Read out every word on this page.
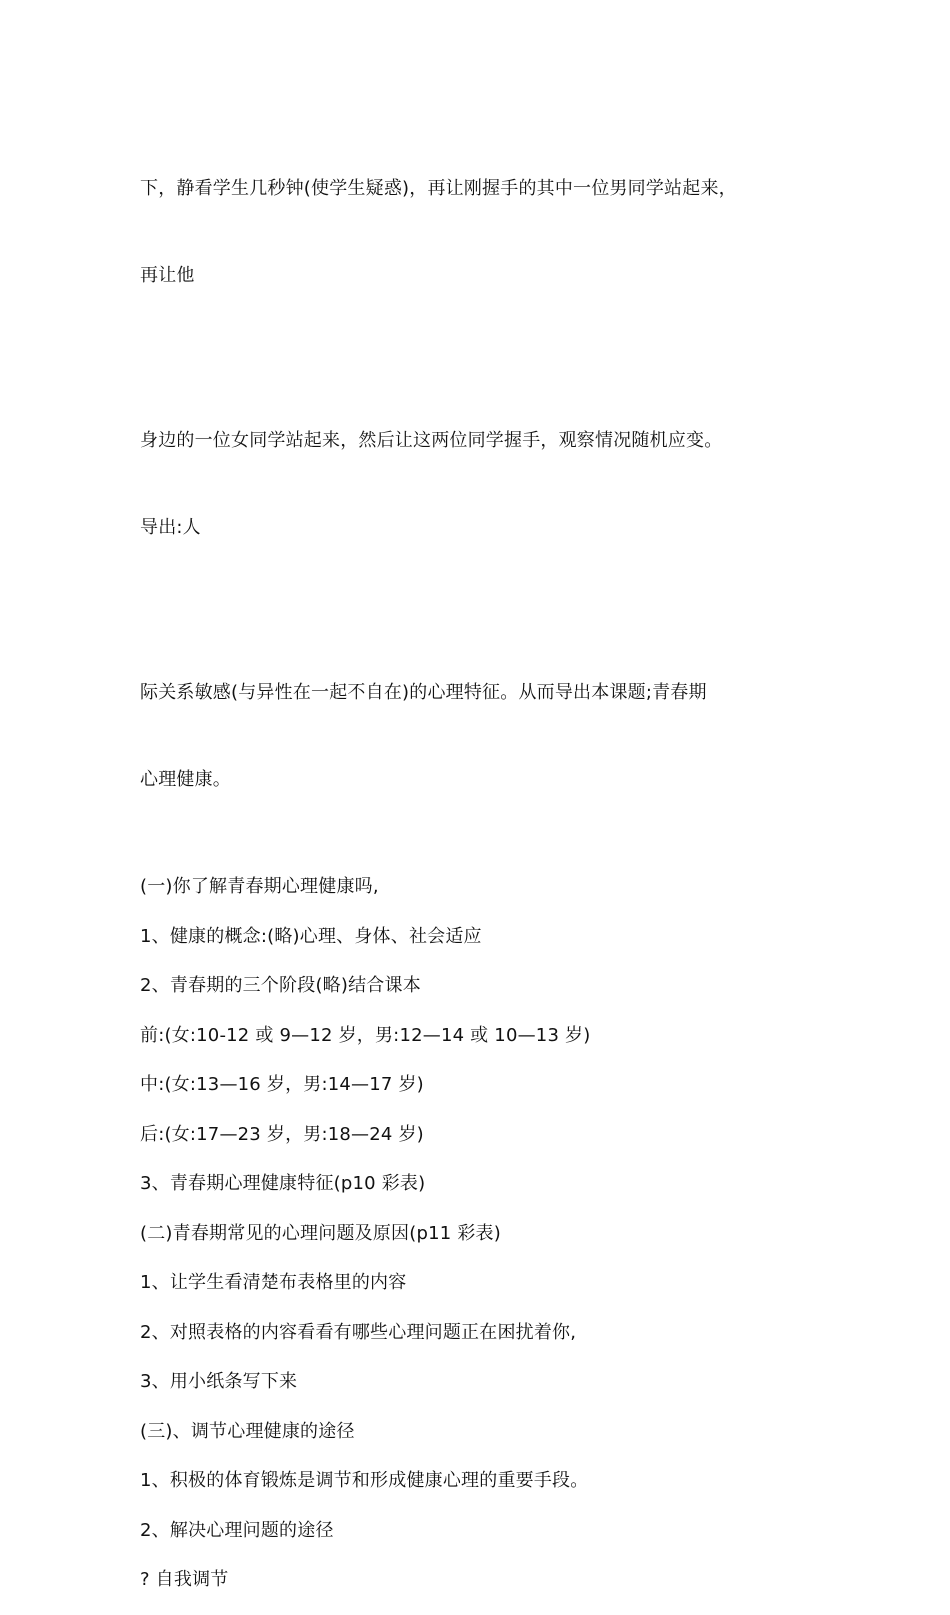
下，静看学生几秒钟(使学生疑惑)，再让刚握手的其中一位男同学站起来，

再让他

身边的一位女同学站起来，然后让这两位同学握手，观察情况随机应变。

导出:人

际关系敏感(与异性在一起不自在)的心理特征。从而导出本课题;青春期

心理健康。

(一)你了解青春期心理健康吗,

1、健康的概念:(略)心理、身体、社会适应

2、青春期的三个阶段(略)结合课本

前:(女:10-12 或 9—12 岁，男:12—14 或 10—13 岁)

中:(女:13—16 岁，男:14—17 岁)

后:(女:17—23 岁，男:18—24 岁)

3、青春期心理健康特征(p10 彩表)

(二)青春期常见的心理问题及原因(p11 彩表)

1、让学生看清楚布表格里的内容

2、对照表格的内容看看有哪些心理问题正在困扰着你,

3、用小纸条写下来

(三)、调节心理健康的途径

1、积极的体育锻炼是调节和形成健康心理的重要手段。

2、解决心理问题的途径

? 自我调节
